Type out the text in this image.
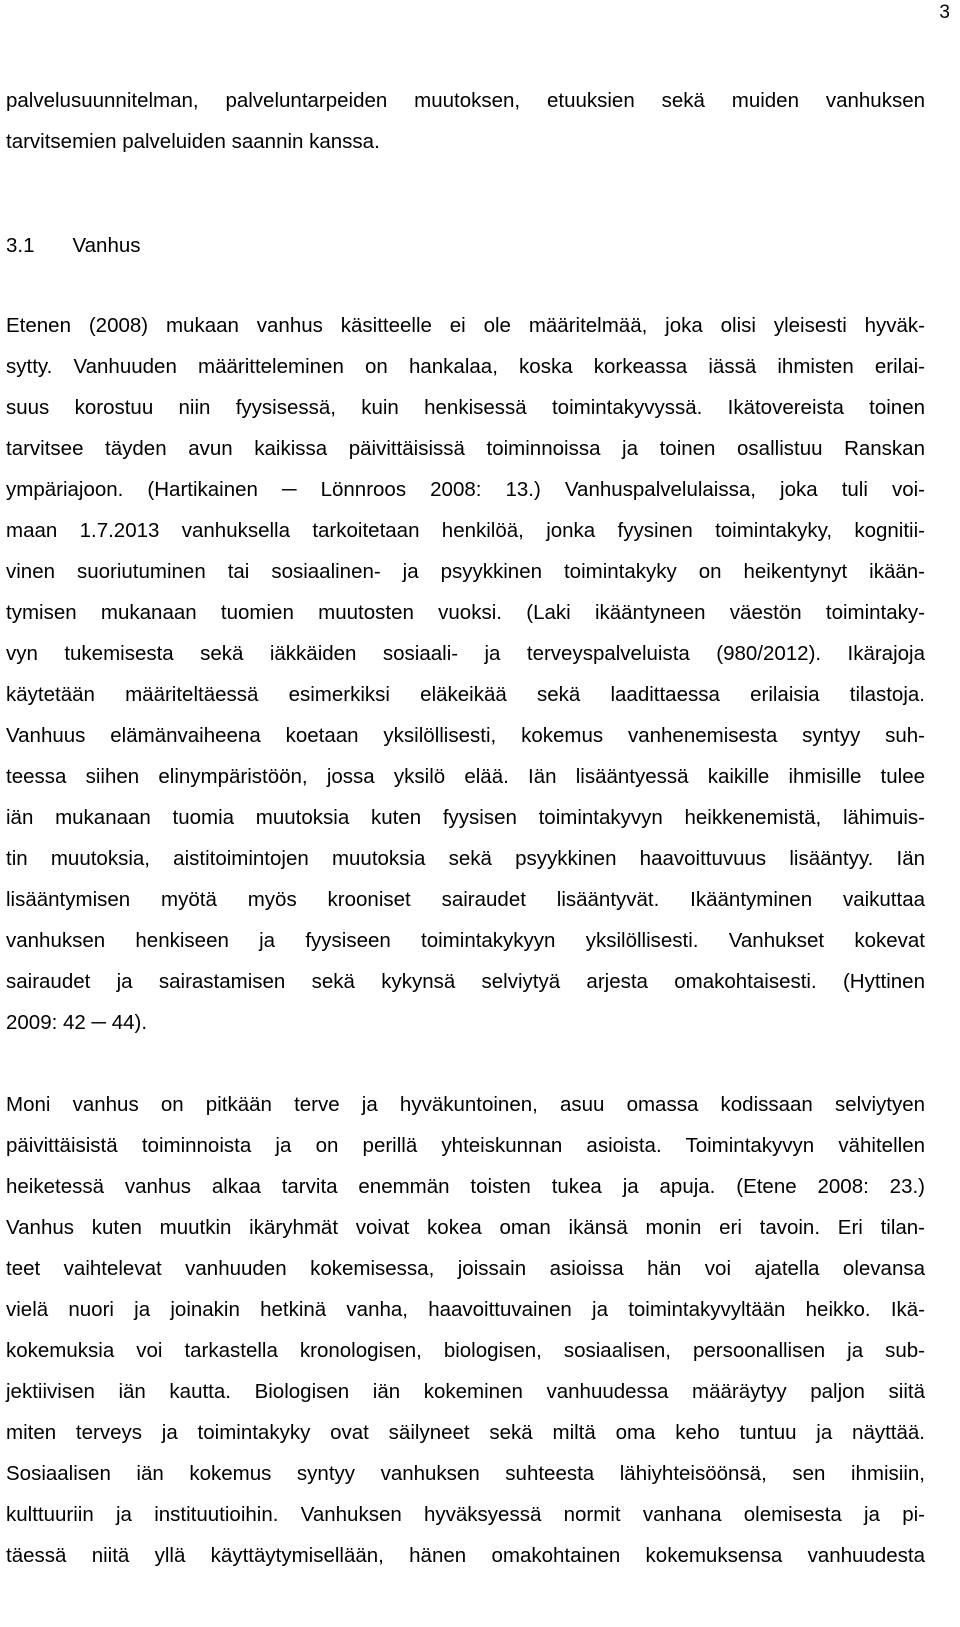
3
palvelusuunnitelman, palveluntarpeiden muutoksen, etuuksien sekä muiden vanhuksen
tarvitsemien palveluiden saannin kanssa.
3.1 Vanhus
Etenen (2008) mukaan vanhus käsitteelle ei ole määritelmää, joka olisi yleisesti hyväk-
sytty. Vanhuuden määritteleminen on hankalaa, koska korkeassa iässä ihmisten erilai-
suus korostuu niin fyysisessä, kuin henkisessä toimintakyvyssä. Ikätovereista toinen
tarvitsee täyden avun kaikissa päivittäisissä toiminnoissa ja toinen osallistuu Ranskan
ympäriajoon. (Hartikainen ─ Lönnroos 2008: 13.) Vanhuspalvelulaissa, joka tuli voi-
maan 1.7.2013 vanhuksella tarkoitetaan henkilöä, jonka fyysinen toimintakyky, kognitii-
vinen suoriutuminen tai sosiaalinen- ja psyykkinen toimintakyky on heikentynyt ikään-
tymisen mukanaan tuomien muutosten vuoksi. (Laki ikääntyneen väestön toimintaky-
vyn tukemisesta sekä iäkkäiden sosiaali- ja terveyspalveluista (980/2012). Ikärajoja
käytetään määriteltäessä esimerkiksi eläkeikää sekä laadittaessa erilaisia tilastoja.
Vanhuus elämänvaiheena koetaan yksilöllisesti, kokemus vanhenemisesta syntyy suh-
teessa siihen elinympäristöön, jossa yksilö elää. Iän lisääntyessä kaikille ihmisille tulee
iän mukanaan tuomia muutoksia kuten fyysisen toimintakyvyn heikkenemistä, lähimuis-
tin muutoksia, aistitoimintojen muutoksia sekä psyykkinen haavoittuvuus lisääntyy. Iän
lisääntymisen myötä myös krooniset sairaudet lisääntyvät. Ikääntyminen vaikuttaa
vanhuksen henkiseen ja fyysiseen toimintakykyyn yksilöllisesti. Vanhukset kokevat
sairaudet ja sairastamisen sekä kykynsä selviytyä arjesta omakohtaisesti. (Hyttinen
2009: 42 ─ 44).
Moni vanhus on pitkään terve ja hyväkuntoinen, asuu omassa kodissaan selviytyen
päivittäisistä toiminnoista ja on perillä yhteiskunnan asioista. Toimintakyvyn vähitellen
heiketessä vanhus alkaa tarvita enemmän toisten tukea ja apuja. (Etene 2008: 23.)
Vanhus kuten muutkin ikäryhmät voivat kokea oman ikänsä monin eri tavoin. Eri tilan-
teet vaihtelevat vanhuuden kokemisessa, joissain asioissa hän voi ajatella olevansa
vielä nuori ja joinakin hetkinä vanha, haavoittuvainen ja toimintakyvyltään heikko. Ikä-
kokemuksia voi tarkastella kronologisen, biologisen, sosiaalisen, persoonallisen ja sub-
jektiivisen iän kautta. Biologisen iän kokeminen vanhuudessa määräytyy paljon siitä
miten terveys ja toimintakyky ovat säilyneet sekä miltä oma keho tuntuu ja näyttää.
Sosiaalisen iän kokemus syntyy vanhuksen suhteesta lähiyhteisöönsä, sen ihmisiin,
kulttuuriin ja instituutioihin. Vanhuksen hyväksyessä normit vanhana olemisesta ja pi-
täessä niitä yllä käyttäytymisellään, hänen omakohtainen kokemuksensa vanhuudesta
